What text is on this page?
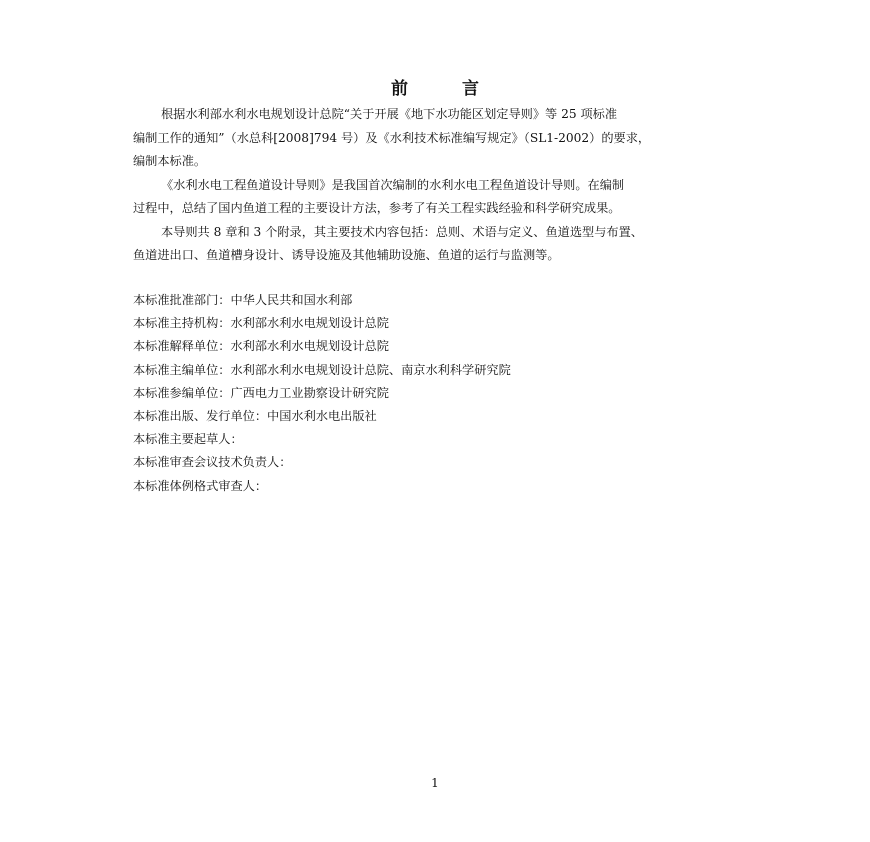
前 言

根据水利部水利水电规划设计总院“关于开展《地下水功能区划定导则》等 25 项标准
编制工作的通知”（水总科[2008]794 号）及《水利技术标准编写规定》（SL1-2002）的要求，
编制本标准。

《水利水电工程鱼道设计导则》是我国首次编制的水利水电工程鱼道设计导则。在编制
过程中，总结了国内鱼道工程的主要设计方法，参考了有关工程实践经验和科学研究成果。

本导则共 8 章和 3 个附录，其主要技术内容包括：总则、术语与定义、鱼道选型与布置、
鱼道进出口、鱼道槽身设计、诱导设施及其他辅助设施、鱼道的运行与监测等。

本标准批准部门：中华人民共和国水利部
本标准主持机构：水利部水利水电规划设计总院
本标准解释单位：水利部水利水电规划设计总院
本标准主编单位：水利部水利水电规划设计总院、南京水利科学研究院
本标准参编单位：广西电力工业勘察设计研究院
本标准出版、发行单位：中国水利水电出版社
本标准主要起草人：
本标准审查会议技术负责人：
本标准体例格式审查人：
1
